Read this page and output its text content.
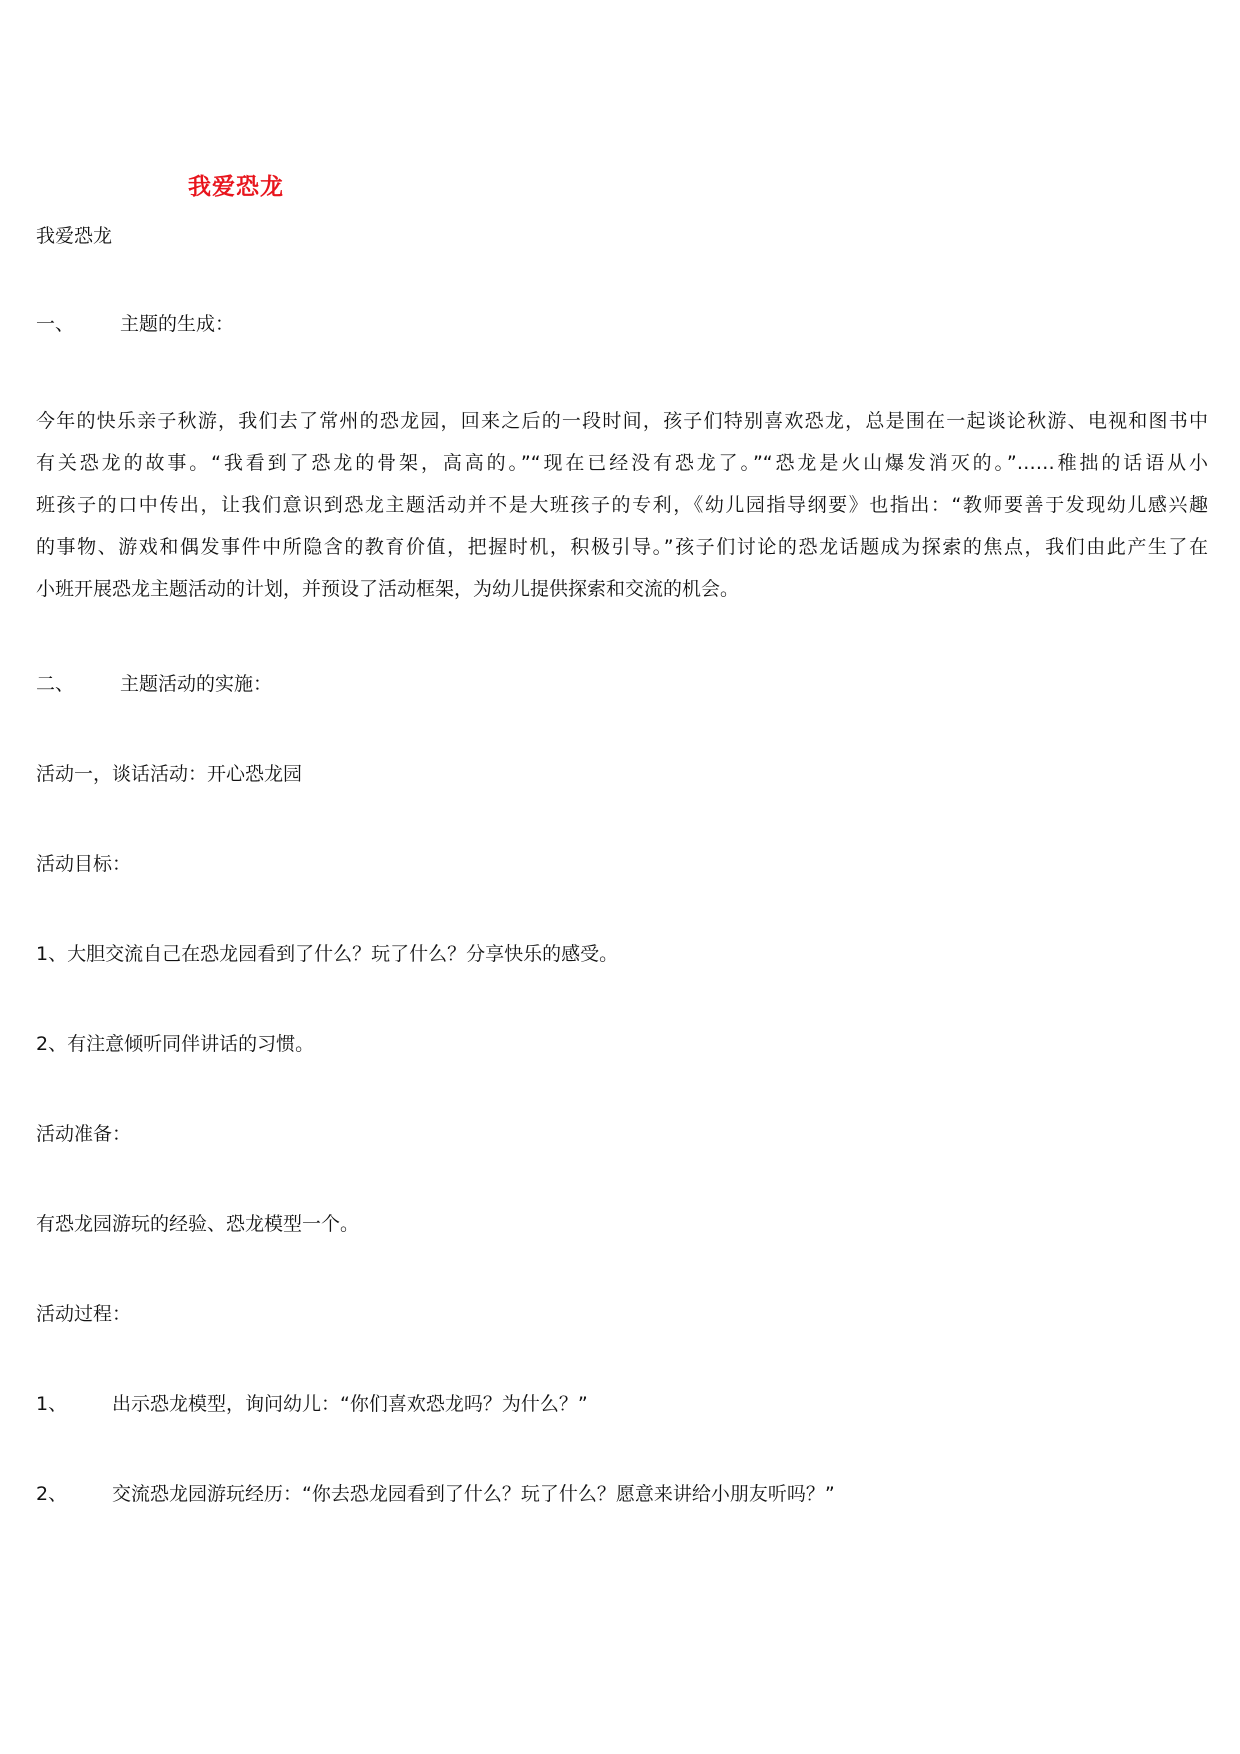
我爱恐龙
我爱恐龙
一、 主题的生成：
今年的快乐亲子秋游，我们去了常州的恐龙园，回来之后的一段时间，孩子们特别喜欢恐龙，总是围在一起谈论秋游、电视和图书中
有关恐龙的故事。“我看到了恐龙的骨架，高高的。”“现在已经没有恐龙了。”“恐龙是火山爆发消灭的。”……稚拙的话语从小
班孩子的口中传出，让我们意识到恐龙主题活动并不是大班孩子的专利，《幼儿园指导纲要》也指出：“教师要善于发现幼儿感兴趣
的事物、游戏和偶发事件中所隐含的教育价值，把握时机，积极引导。”孩子们讨论的恐龙话题成为探索的焦点，我们由此产生了在
小班开展恐龙主题活动的计划，并预设了活动框架，为幼儿提供探索和交流的机会。
二、 主题活动的实施：
活动一，谈话活动：开心恐龙园
活动目标：
1、大胆交流自己在恐龙园看到了什么？玩了什么？分享快乐的感受。
2、有注意倾听同伴讲话的习惯。
活动准备：
有恐龙园游玩的经验、恐龙模型一个。
活动过程：
1、 出示恐龙模型，询问幼儿：“你们喜欢恐龙吗？为什么？”
2、 交流恐龙园游玩经历：“你去恐龙园看到了什么？玩了什么？愿意来讲给小朋友听吗？”
